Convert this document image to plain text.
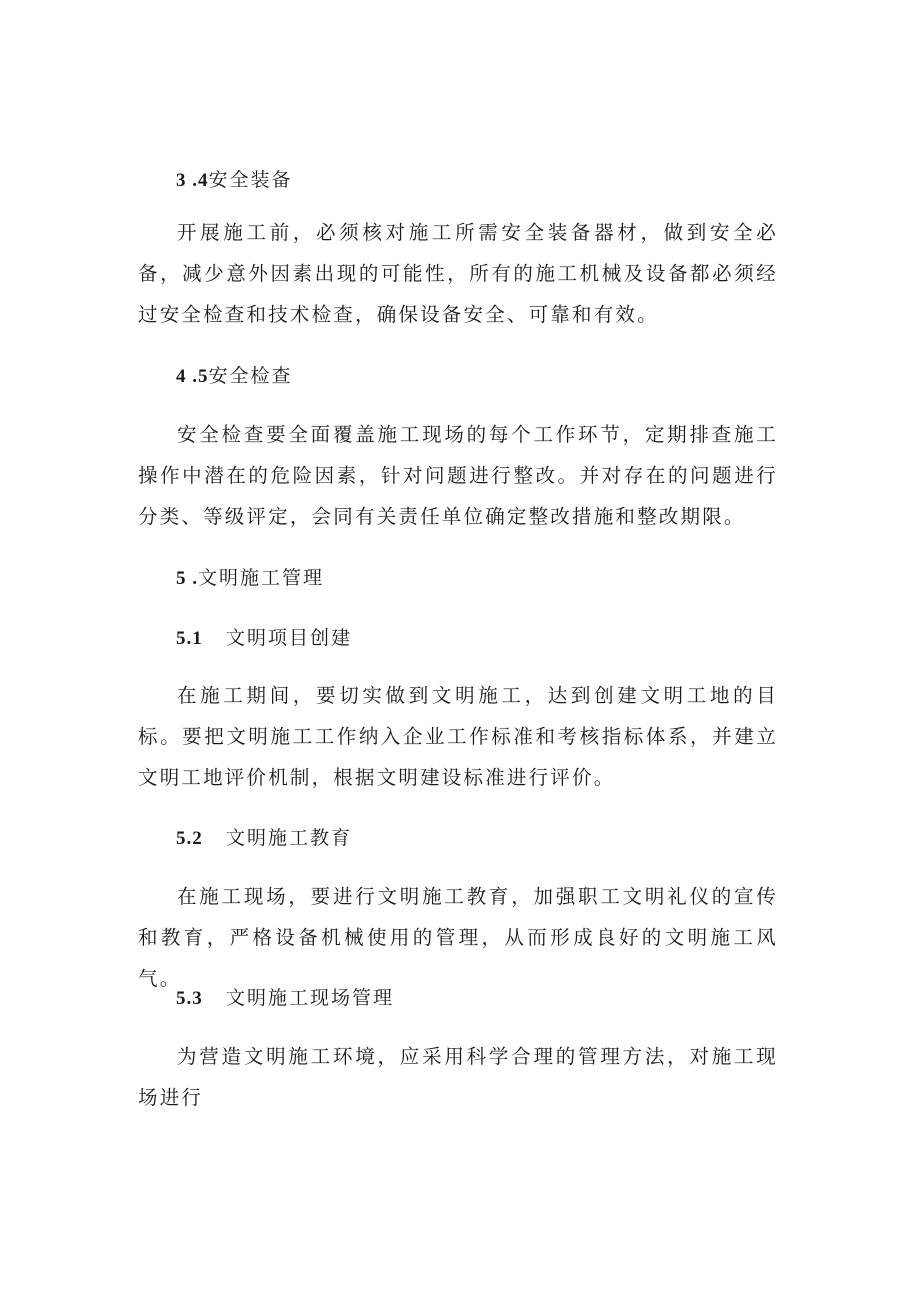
3 .4安全装备
开展施工前，必须核对施工所需安全装备器材，做到安全必备，减少意外因素出现的可能性，所有的施工机械及设备都必须经过安全检查和技术检查，确保设备安全、可靠和有效。
4 .5安全检查
安全检查要全面覆盖施工现场的每个工作环节，定期排查施工操作中潜在的危险因素，针对问题进行整改。并对存在的问题进行分类、等级评定，会同有关责任单位确定整改措施和整改期限。
5 .文明施工管理
5.1 文明项目创建
在施工期间，要切实做到文明施工，达到创建文明工地的目标。要把文明施工工作纳入企业工作标准和考核指标体系，并建立文明工地评价机制，根据文明建设标准进行评价。
5.2 文明施工教育
在施工现场，要进行文明施工教育，加强职工文明礼仪的宣传和教育，严格设备机械使用的管理，从而形成良好的文明施工风气。
5.3 文明施工现场管理
为营造文明施工环境，应采用科学合理的管理方法，对施工现场进行
